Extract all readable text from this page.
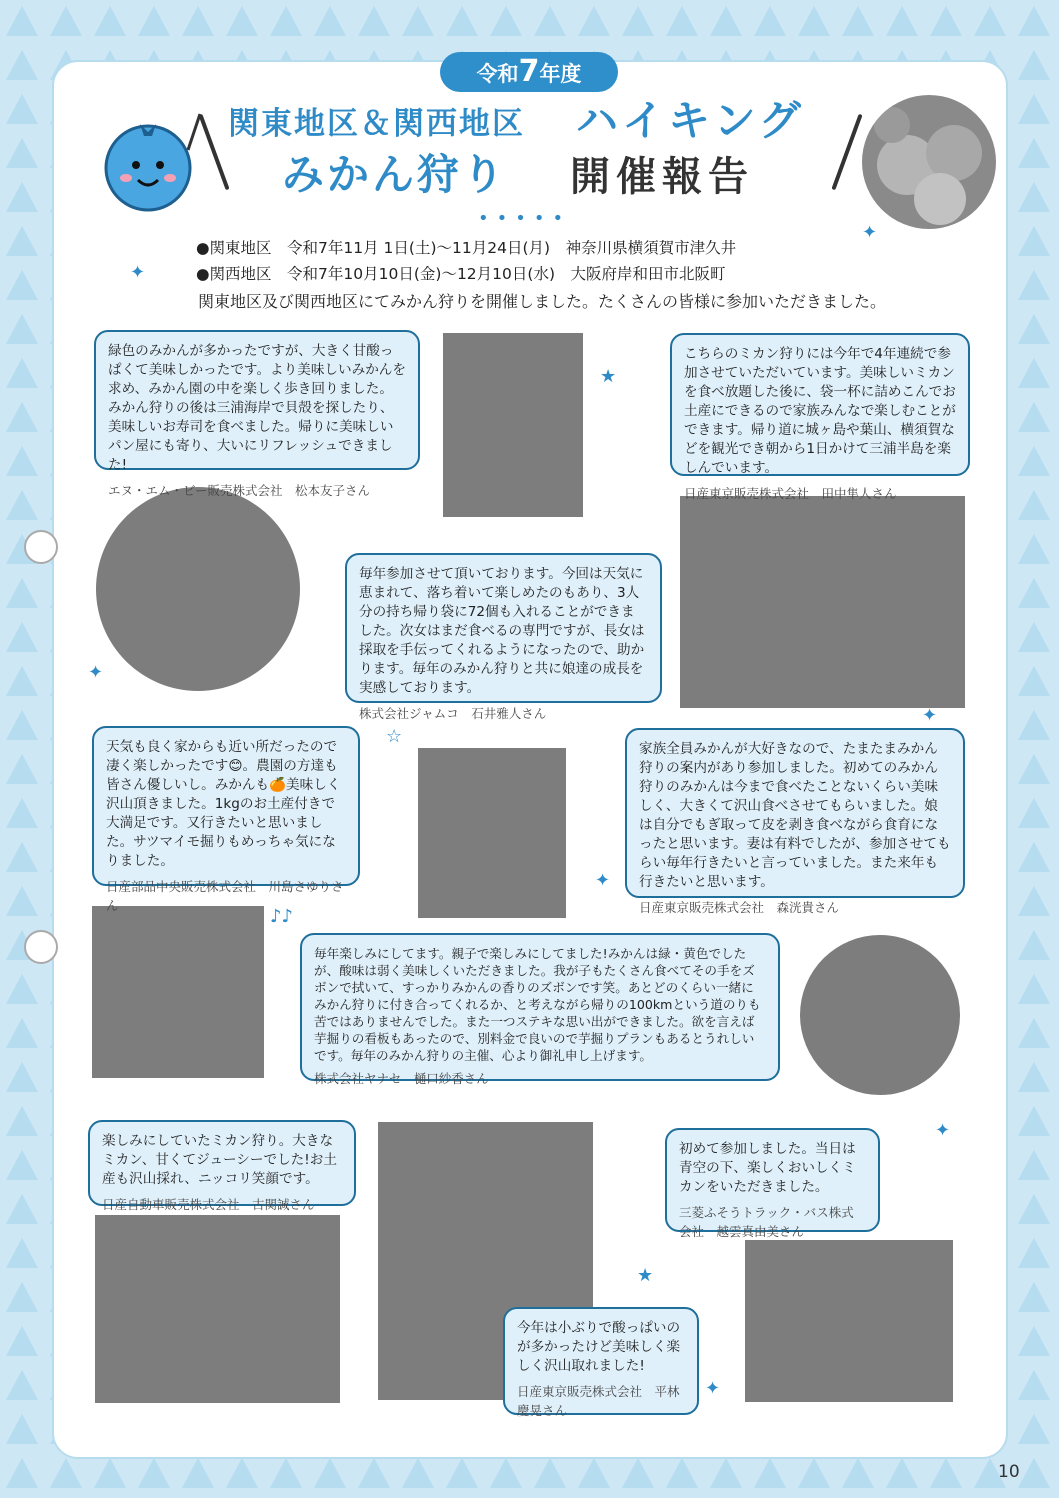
令和7年度
関東地区＆関西地区 ハイキング
みかん狩り 開催報告
•••••
●関東地区　 令和7年11月 1日(土)～11月24日(月)　 神奈川県横須賀市津久井
●関西地区　 令和7年10月10日(金)～12月10日(水)　 大阪府岸和田市北阪町
関東地区及び関西地区にてみかん狩りを開催しました。たくさんの皆様に参加いただきました。
緑色のみかんが多かったですが、大きく甘酸っぱくて美味しかったです。より美味しいみかんを求め、みかん園の中を楽しく歩き回りました。みかん狩りの後は三浦海岸で貝殻を探したり、美味しいお寿司を食べました。帰りに美味しいパン屋にも寄り、大いにリフレッシュできました!
エヌ・エム・ビー販売株式会社　松本友子さん
こちらのミカン狩りには今年で4年連続で参加させていただいています。美味しいミカンを食べ放題した後に、袋一杯に詰めこんでお土産にできるので家族みんなで楽しむことができます。帰り道に城ヶ島や葉山、横須賀などを観光でき朝から1日かけて三浦半島を楽しんでいます。
日産東京販売株式会社　田中隼人さん
毎年参加させて頂いております。今回は天気に恵まれて、落ち着いて楽しめたのもあり、3人分の持ち帰り袋に72個も入れることができました。次女はまだ食べるの専門ですが、長女は採取を手伝ってくれるようになったので、助かります。毎年のみかん狩りと共に娘達の成長を実感しております。
株式会社ジャムコ　石井雅人さん
天気も良く家からも近い所だったので凄く楽しかったです😊。農園の方達も皆さん優しいし。みかんも🍊美味しく沢山頂きました。1kgのお土産付きで大満足です。又行きたいと思いました。サツマイモ掘りもめっちゃ気になりました。
日産部品中央販売株式会社　川島さゆりさん
家族全員みかんが大好きなので、たまたまみかん狩りの案内があり参加しました。初めてのみかん狩りのみかんは今まで食べたことないくらい美味しく、大きくて沢山食べさせてもらいました。娘は自分でもぎ取って皮を剥き食べながら食育になったと思います。妻は有料でしたが、参加させてもらい毎年行きたいと言っていました。また来年も行きたいと思います。
日産東京販売株式会社　森洸貴さん
毎年楽しみにしてます。親子で楽しみにしてました!みかんは緑・黄色でしたが、酸味は弱く美味しくいただきました。我が子もたくさん食べてその手をズボンで拭いて、すっかりみかんの香りのズボンです笑。あとどのくらい一緒にみかん狩りに付き合ってくれるか、と考えながら帰りの100kmという道のりも苦ではありませんでした。また一つステキな思い出ができました。欲を言えば芋掘りの看板もあったので、別料金で良いので芋掘りプランもあるとうれしいです。毎年のみかん狩りの主催、心より御礼申し上げます。
株式会社ヤナセ　樋口紗香さん
楽しみにしていたミカン狩り。大きなミカン、甘くてジューシーでした!お土産も沢山採れ、ニッコリ笑顔です。
日産自動車販売株式会社　古関誠さん
初めて参加しました。当日は青空の下、楽しくおいしくミカンをいただきました。
三菱ふそうトラック・バス株式会社　越雲真由美さん
今年は小ぶりで酸っぱいのが多かったけど美味しく楽しく沢山取れました!
日産東京販売株式会社　平林慶晃さん
✦
✦
★
✦
☆
✦
✦
✦
★
✦
♪♪
10
